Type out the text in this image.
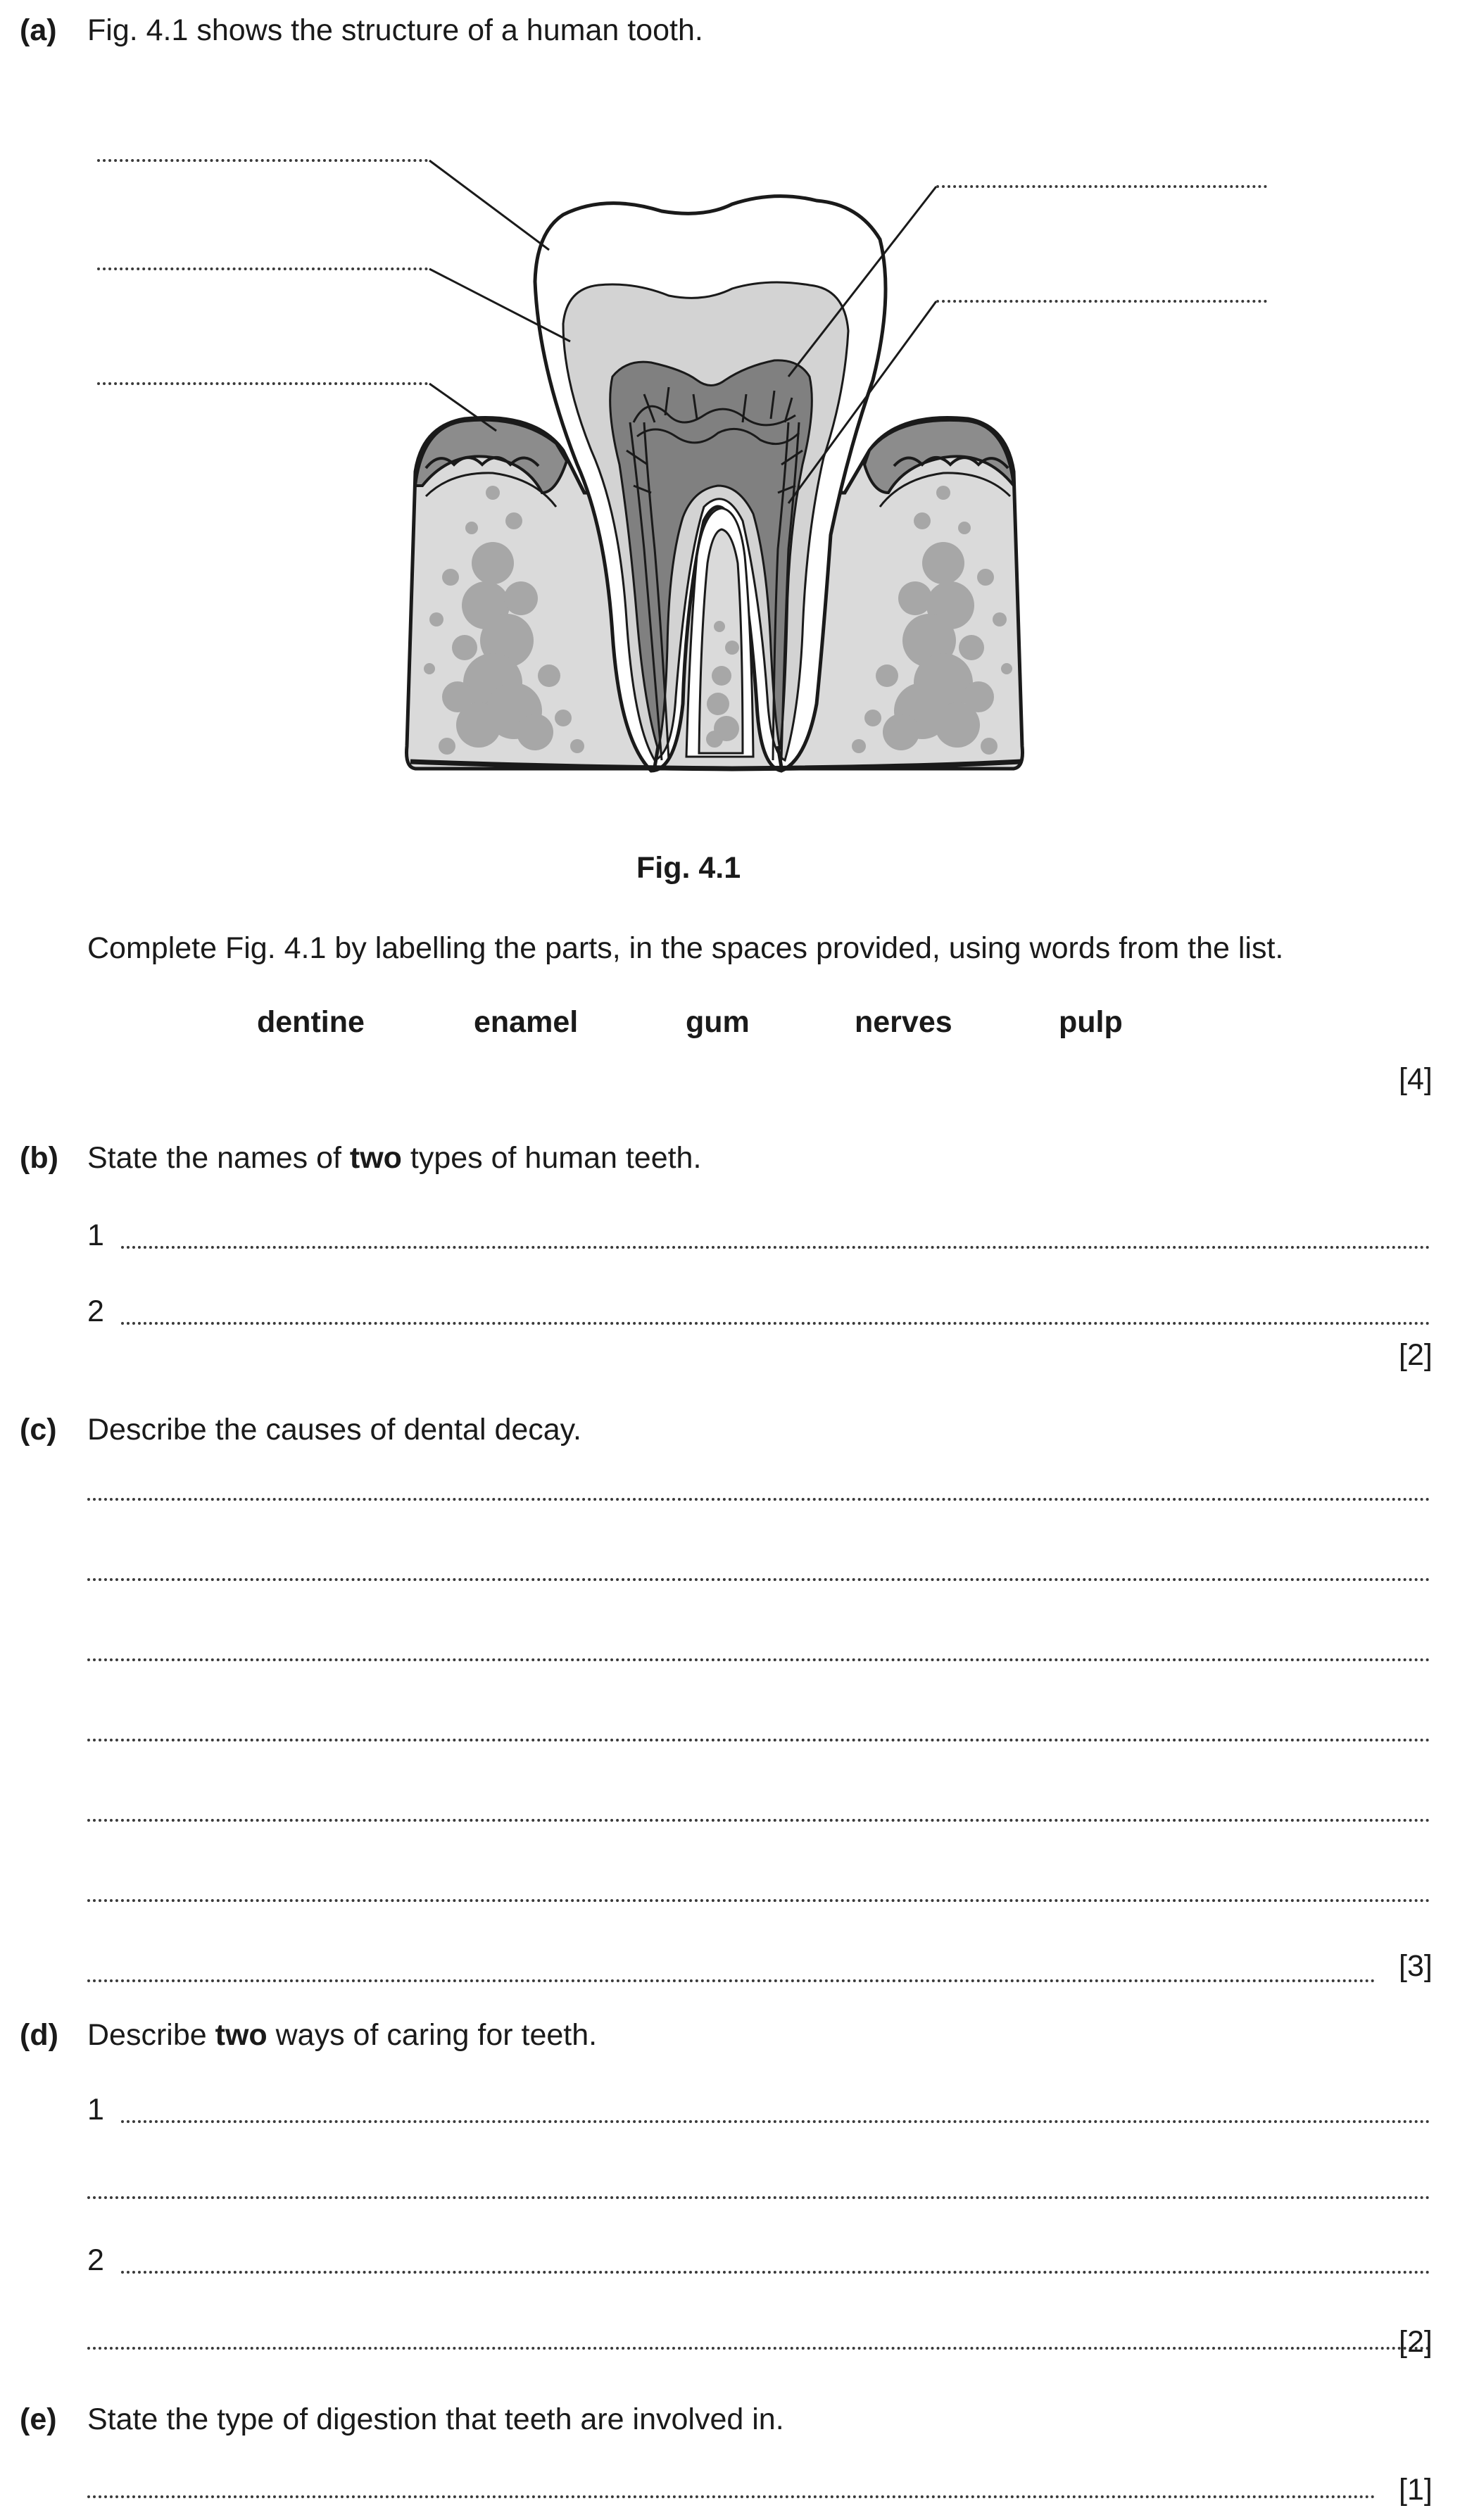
(a) Fig. 4.1 shows the structure of a human tooth.
Fig. 4.1
Complete Fig. 4.1 by labelling the parts, in the spaces provided, using words from the list.
dentine	enamel	gum	nerves	pulp
[4]
(b) State the names of two types of human teeth.
1
2
[2]
(c) Describe the causes of dental decay.
[3]
(d) Describe two ways of caring for teeth.
1
2
[2]
(e) State the type of digestion that teeth are involved in.
[1]
